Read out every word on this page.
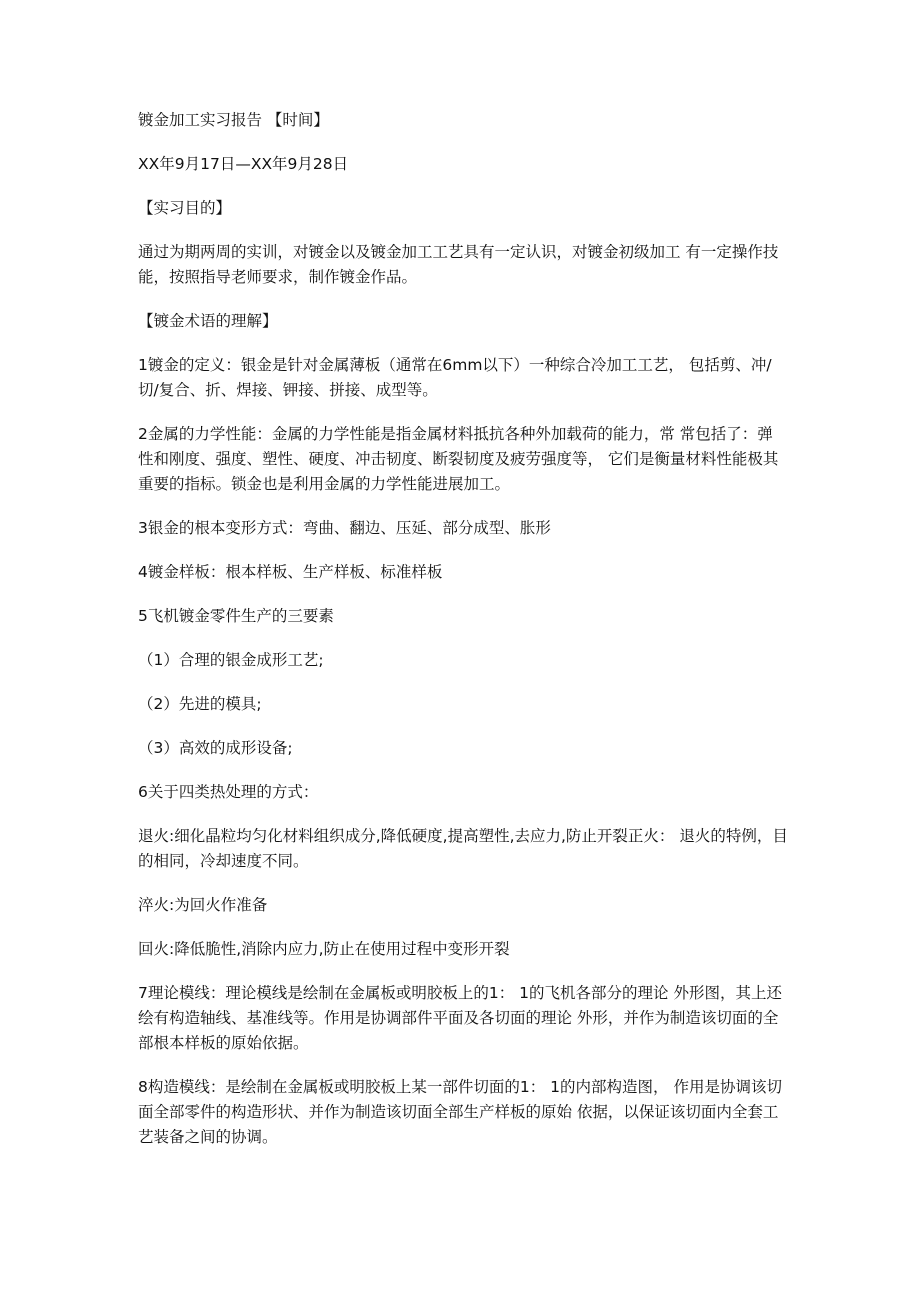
镀金加工实习报告 【时间】

XX年9月17日—XX年9月28日

【实习目的】

通过为期两周的实训，对镀金以及镀金加工工艺具有一定认识，对镀金初级加工 有一定操作技能，按照指导老师要求，制作镀金作品。

【镀金术语的理解】

1镀金的定义：银金是针对金属薄板（通常在6mm以下）一种综合冷加工工艺， 包括剪、冲/切/复合、折、焊接、钾接、拼接、成型等。

2金属的力学性能：金属的力学性能是指金属材料抵抗各种外加载荷的能力，常 常包括了：弹性和刚度、强度、塑性、硬度、冲击韧度、断裂韧度及疲劳强度等， 它们是衡量材料性能极其重要的指标。锁金也是利用金属的力学性能进展加工。

3银金的根本变形方式：弯曲、翻边、压延、部分成型、胀形

4镀金样板：根本样板、生产样板、标准样板

5飞机镀金零件生产的三要素

（1）合理的银金成形工艺;

（2）先进的模具;

（3）高效的成形设备;

6关于四类热处理的方式：

退火:细化晶粒均匀化材料组织成分,降低硬度,提高塑性,去应力,防止开裂正火： 退火的特例，目的相同，冷却速度不同。

淬火:为回火作准备

回火:降低脆性,消除内应力,防止在使用过程中变形开裂

7理论模线：理论模线是绘制在金属板或明胶板上的1： 1的飞机各部分的理论 外形图，其上还绘有构造轴线、基准线等。作用是协调部件平面及各切面的理论 外形，并作为制造该切面的全部根本样板的原始依据。

8构造模线：是绘制在金属板或明胶板上某一部件切面的1： 1的内部构造图， 作用是协调该切面全部零件的构造形状、并作为制造该切面全部生产样板的原始 依据，以保证该切面内全套工艺装备之间的协调。
